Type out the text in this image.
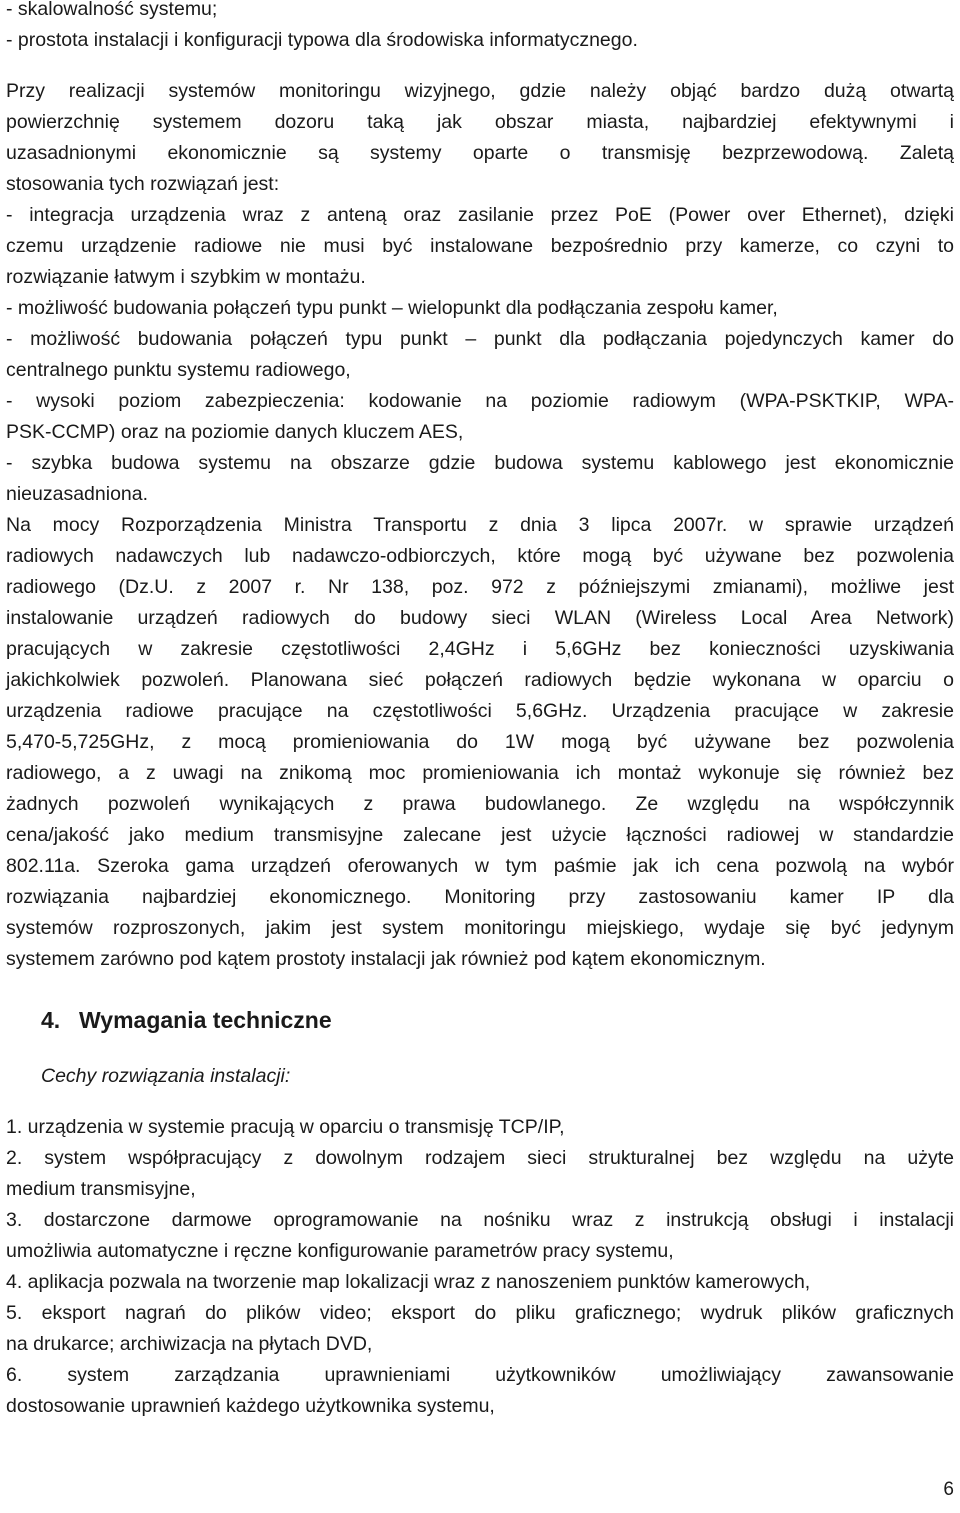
- skalowalność systemu;
- prostota instalacji i konfiguracji typowa dla środowiska informatycznego.
Przy realizacji systemów monitoringu wizyjnego, gdzie należy objąć bardzo dużą otwartą
powierzchnię systemem dozoru taką jak obszar miasta, najbardziej efektywnymi i
uzasadnionymi ekonomicznie są systemy oparte o transmisję bezprzewodową. Zaletą
stosowania tych rozwiązań jest:
- integracja urządzenia wraz z anteną oraz zasilanie przez PoE (Power over Ethernet), dzięki
czemu urządzenie radiowe nie musi być instalowane bezpośrednio przy kamerze, co czyni to
rozwiązanie łatwym i szybkim w montażu.
- możliwość budowania połączeń typu punkt – wielopunkt dla podłączania zespołu kamer,
- możliwość budowania połączeń typu punkt – punkt dla podłączania pojedynczych kamer do
centralnego punktu systemu radiowego,
- wysoki poziom zabezpieczenia: kodowanie na poziomie radiowym (WPA-PSKTKIP, WPA-
PSK-CCMP) oraz na poziomie danych kluczem AES,
- szybka budowa systemu na obszarze gdzie budowa systemu kablowego jest ekonomicznie
nieuzasadniona.
Na mocy Rozporządzenia Ministra Transportu z dnia 3 lipca 2007r. w sprawie urządzeń
radiowych nadawczych lub nadawczo-odbiorczych, które mogą być używane bez pozwolenia
radiowego (Dz.U. z 2007 r. Nr 138, poz. 972 z późniejszymi zmianami), możliwe jest
instalowanie urządzeń radiowych do budowy sieci WLAN (Wireless Local Area Network)
pracujących w zakresie częstotliwości 2,4GHz i 5,6GHz bez konieczności uzyskiwania
jakichkolwiek pozwoleń. Planowana sieć połączeń radiowych będzie wykonana w oparciu o
urządzenia radiowe pracujące na częstotliwości 5,6GHz. Urządzenia pracujące w zakresie
5,470-5,725GHz, z mocą promieniowania do 1W mogą być używane bez pozwolenia
radiowego, a z uwagi na znikomą moc promieniowania ich montaż wykonuje się również bez
żadnych pozwoleń wynikających z prawa budowlanego. Ze względu na współczynnik
cena/jakość jako medium transmisyjne zalecane jest użycie łączności radiowej w standardzie
802.11a. Szeroka gama urządzeń oferowanych w tym paśmie jak ich cena pozwolą na wybór
rozwiązania najbardziej ekonomicznego. Monitoring przy zastosowaniu kamer IP dla
systemów rozproszonych, jakim jest system monitoringu miejskiego, wydaje się być jedynym
systemem zarówno pod kątem prostoty instalacji jak również pod kątem ekonomicznym.
4. Wymagania techniczne
Cechy rozwiązania instalacji:
1. urządzenia w systemie pracują w oparciu o transmisję TCP/IP,
2. system współpracujący z dowolnym rodzajem sieci strukturalnej bez względu na użyte
medium transmisyjne,
3. dostarczone darmowe oprogramowanie na nośniku wraz z instrukcją obsługi i instalacji
umożliwia automatyczne i ręczne konfigurowanie parametrów pracy systemu,
4. aplikacja pozwala na tworzenie map lokalizacji wraz z nanoszeniem punktów kamerowych,
5. eksport nagrań do plików video; eksport do pliku graficznego; wydruk plików graficznych
na drukarce; archiwizacja na płytach DVD,
6. system zarządzania uprawnieniami użytkowników umożliwiający zawansowanie
dostosowanie uprawnień każdego użytkownika systemu,
6
